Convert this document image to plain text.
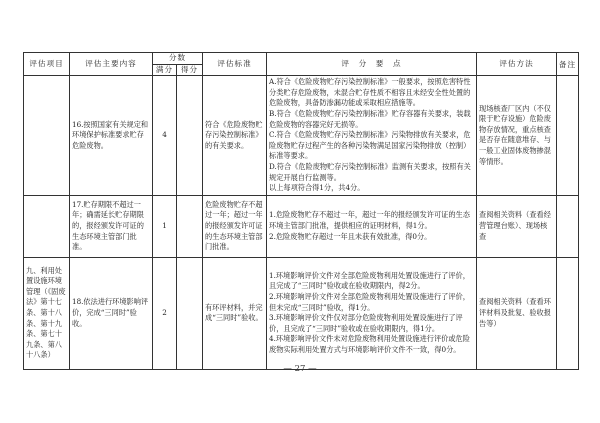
评估项目	评估主要内容	分数		评估标准	评　分　要　点	评估方法	备注
		满分	得分				
	16.按照国家有关规定和环境保护标准要求贮存危险废物。	4		符合《危险废物贮存污染控制标准》的有关要求。	A.符合《危险废物贮存污染控制标准》一般要求，按照危害特性分类贮存危险废物，未混合贮存性质不相容且未经安全性处置的危险废物，具备防渗漏功能或采取相应措施等。

B.符合《危险废物贮存污染控制标准》贮存容器有关要求，装载危险废物的容器完好无损等。

C.符合《危险废物贮存污染控制标准》污染物排放有关要求，危险废物贮存过程产生的各种污染物满足国家污染物排放（控制）标准等要求。

D.符合《危险废物贮存污染控制标准》监测有关要求，按照有关规定开展自行监测等。

以上每项符合得1分，共4分。	现场核查厂区内（不仅限于贮存设施）危险废物存放情况，重点核查是否存在随意堆存、与一般工业固体废物掺混等情形。	
	17.贮存期限不超过一年；确需延长贮存期限的，报经颁发许可证的生态环境主管部门批准。	1		危险废物贮存不超过一年；超过一年的报经颁发许可证的生态环境主管部门批准。	1.危险废物贮存不超过一年，超过一年的报经颁发许可证的生态环境主管部门批准，提供相应的证明材料，得1分。

2.危险废物贮存超过一年且未获有效批准，得0分。	查阅相关资料（查看经营管理台账）、现场核查	
九、利用处置设施环境管理（《固废法》第十七条、第十八条、第十九条、第七十九条、第八十八条）	18.依法进行环境影响评价，完成“三同时”验收。	2		有环评材料，并完成“三同时”验收。	1.环境影响评价文件对全部危险废物利用处置设施进行了评价，且完成了“三同时”验收或在验收期限内，得2分。

2.环境影响评价文件对全部危险废物利用处置设施进行了评价，但未完成“三同时”验收，得1分。

3.环境影响评价文件仅对部分危险废物利用处置设施进行了评价，且完成了“三同时”验收或在验收期限内，得1分。

4.环境影响评价文件未对危险废物利用处置设施进行评价或危险废物实际利用处置方式与环境影响评价文件不一致，得0分。	查阅相关资料（查看环评材料及批复、验收报告等）	
— 27 —
